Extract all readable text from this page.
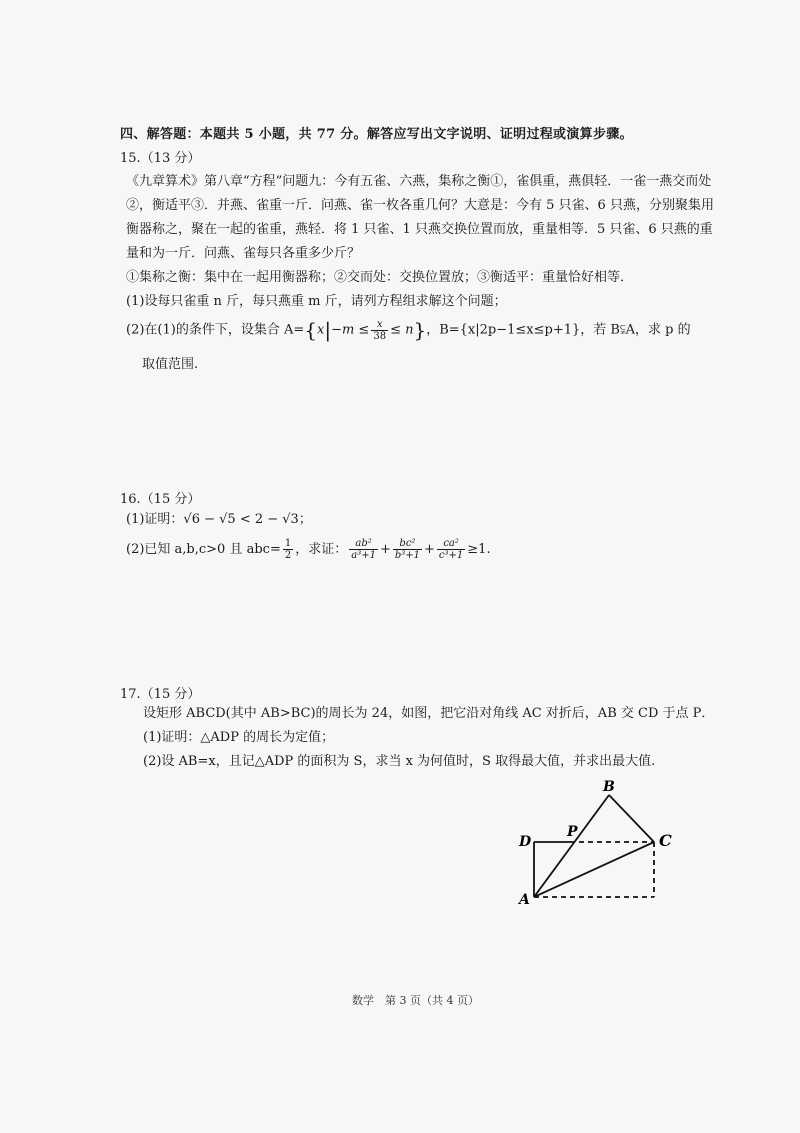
四、解答题：本题共 5 小题，共 77 分。解答应写出文字说明、证明过程或演算步骤。
15.（13 分）
《九章算术》第八章“方程”问题九：今有五雀、六燕，集称之衡①，雀俱重，燕俱轻．一雀一燕交而处
②，衡适平③．并燕、雀重一斤．问燕、雀一枚各重几何？大意是：今有 5 只雀、6 只燕，分别聚集用
衡器称之，聚在一起的雀重，燕轻．将 1 只雀、1 只燕交换位置而放，重量相等．5 只雀、6 只燕的重
量和为一斤．问燕、雀每只各重多少斤？
①集称之衡：集中在一起用衡器称；②交而处：交换位置放；③衡适平：重量恰好相等．
(1)设每只雀重 n 斤，每只燕重 m 斤，请列方程组求解这个问题；
(2)在(1)的条件下，设集合 $A=\{x|-m \le \frac{x}{38} \le n\}$，B={x|2p−1≤x≤p+1}，若 B⫋A，求 p 的
取值范围.
16.（15 分）
(1)证明：√6 − √5 < 2 − √3；
(2)已知 a,b,c>0 且 $abc= \frac{1}{2}$ ，求证： $\frac{\text{ab²}}{\text{a³+1}} + \frac{\text{bc²}}{\text{b³+1}} + \frac{\text{ca²}}{\text{c³+1}} \ge 1$.
17.（15 分）
设矩形 ABCD(其中 AB>BC)的周长为 24，如图，把它沿对角线 AC 对折后，AB 交 CD 于点 P．
(1)证明：△ADP 的周长为定值；
(2)设 AB=x，且记△ADP 的面积为 S，求当 x 为何值时，S 取得最大值，并求出最大值.
B
D
P	C
A
数学　第 3 页（共 4 页）
